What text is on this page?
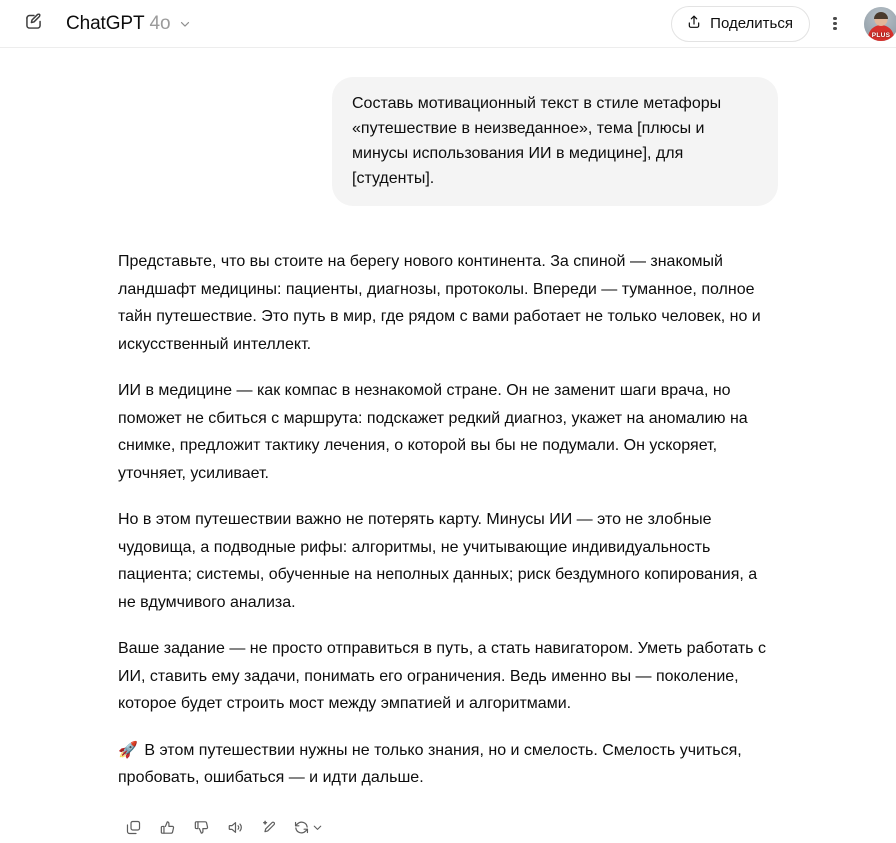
ChatGPT 4o	Поделиться
PLUS
Составь мотивационный текст в стиле метафоры «путешествие в неизведанное», тема [плюсы и минусы использования ИИ в медицине], для [студенты].

Представьте, что вы стоите на берегу нового континента. За спиной — знакомый ландшафт медицины: пациенты, диагнозы, протоколы. Впереди — туманное, полное тайн путешествие. Это путь в мир, где рядом с вами работает не только человек, но и искусственный интеллект.

ИИ в медицине — как компас в незнакомой стране. Он не заменит шаги врача, но поможет не сбиться с маршрута: подскажет редкий диагноз, укажет на аномалию на снимке, предложит тактику лечения, о которой вы бы не подумали. Он ускоряет, уточняет, усиливает.

Но в этом путешествии важно не потерять карту. Минусы ИИ — это не злобные чудовища, а подводные рифы: алгоритмы, не учитывающие индивидуальность пациента; системы, обученные на неполных данных; риск бездумного копирования, а не вдумчивого анализа.

Ваше задание — не просто отправиться в путь, а стать навигатором. Уметь работать с ИИ, ставить ему задачи, понимать его ограничения. Ведь именно вы — поколение, которое будет строить мост между эмпатией и алгоритмами.

🚀 В этом путешествии нужны не только знания, но и смелость. Смелость учиться, пробовать, ошибаться — и идти дальше.
